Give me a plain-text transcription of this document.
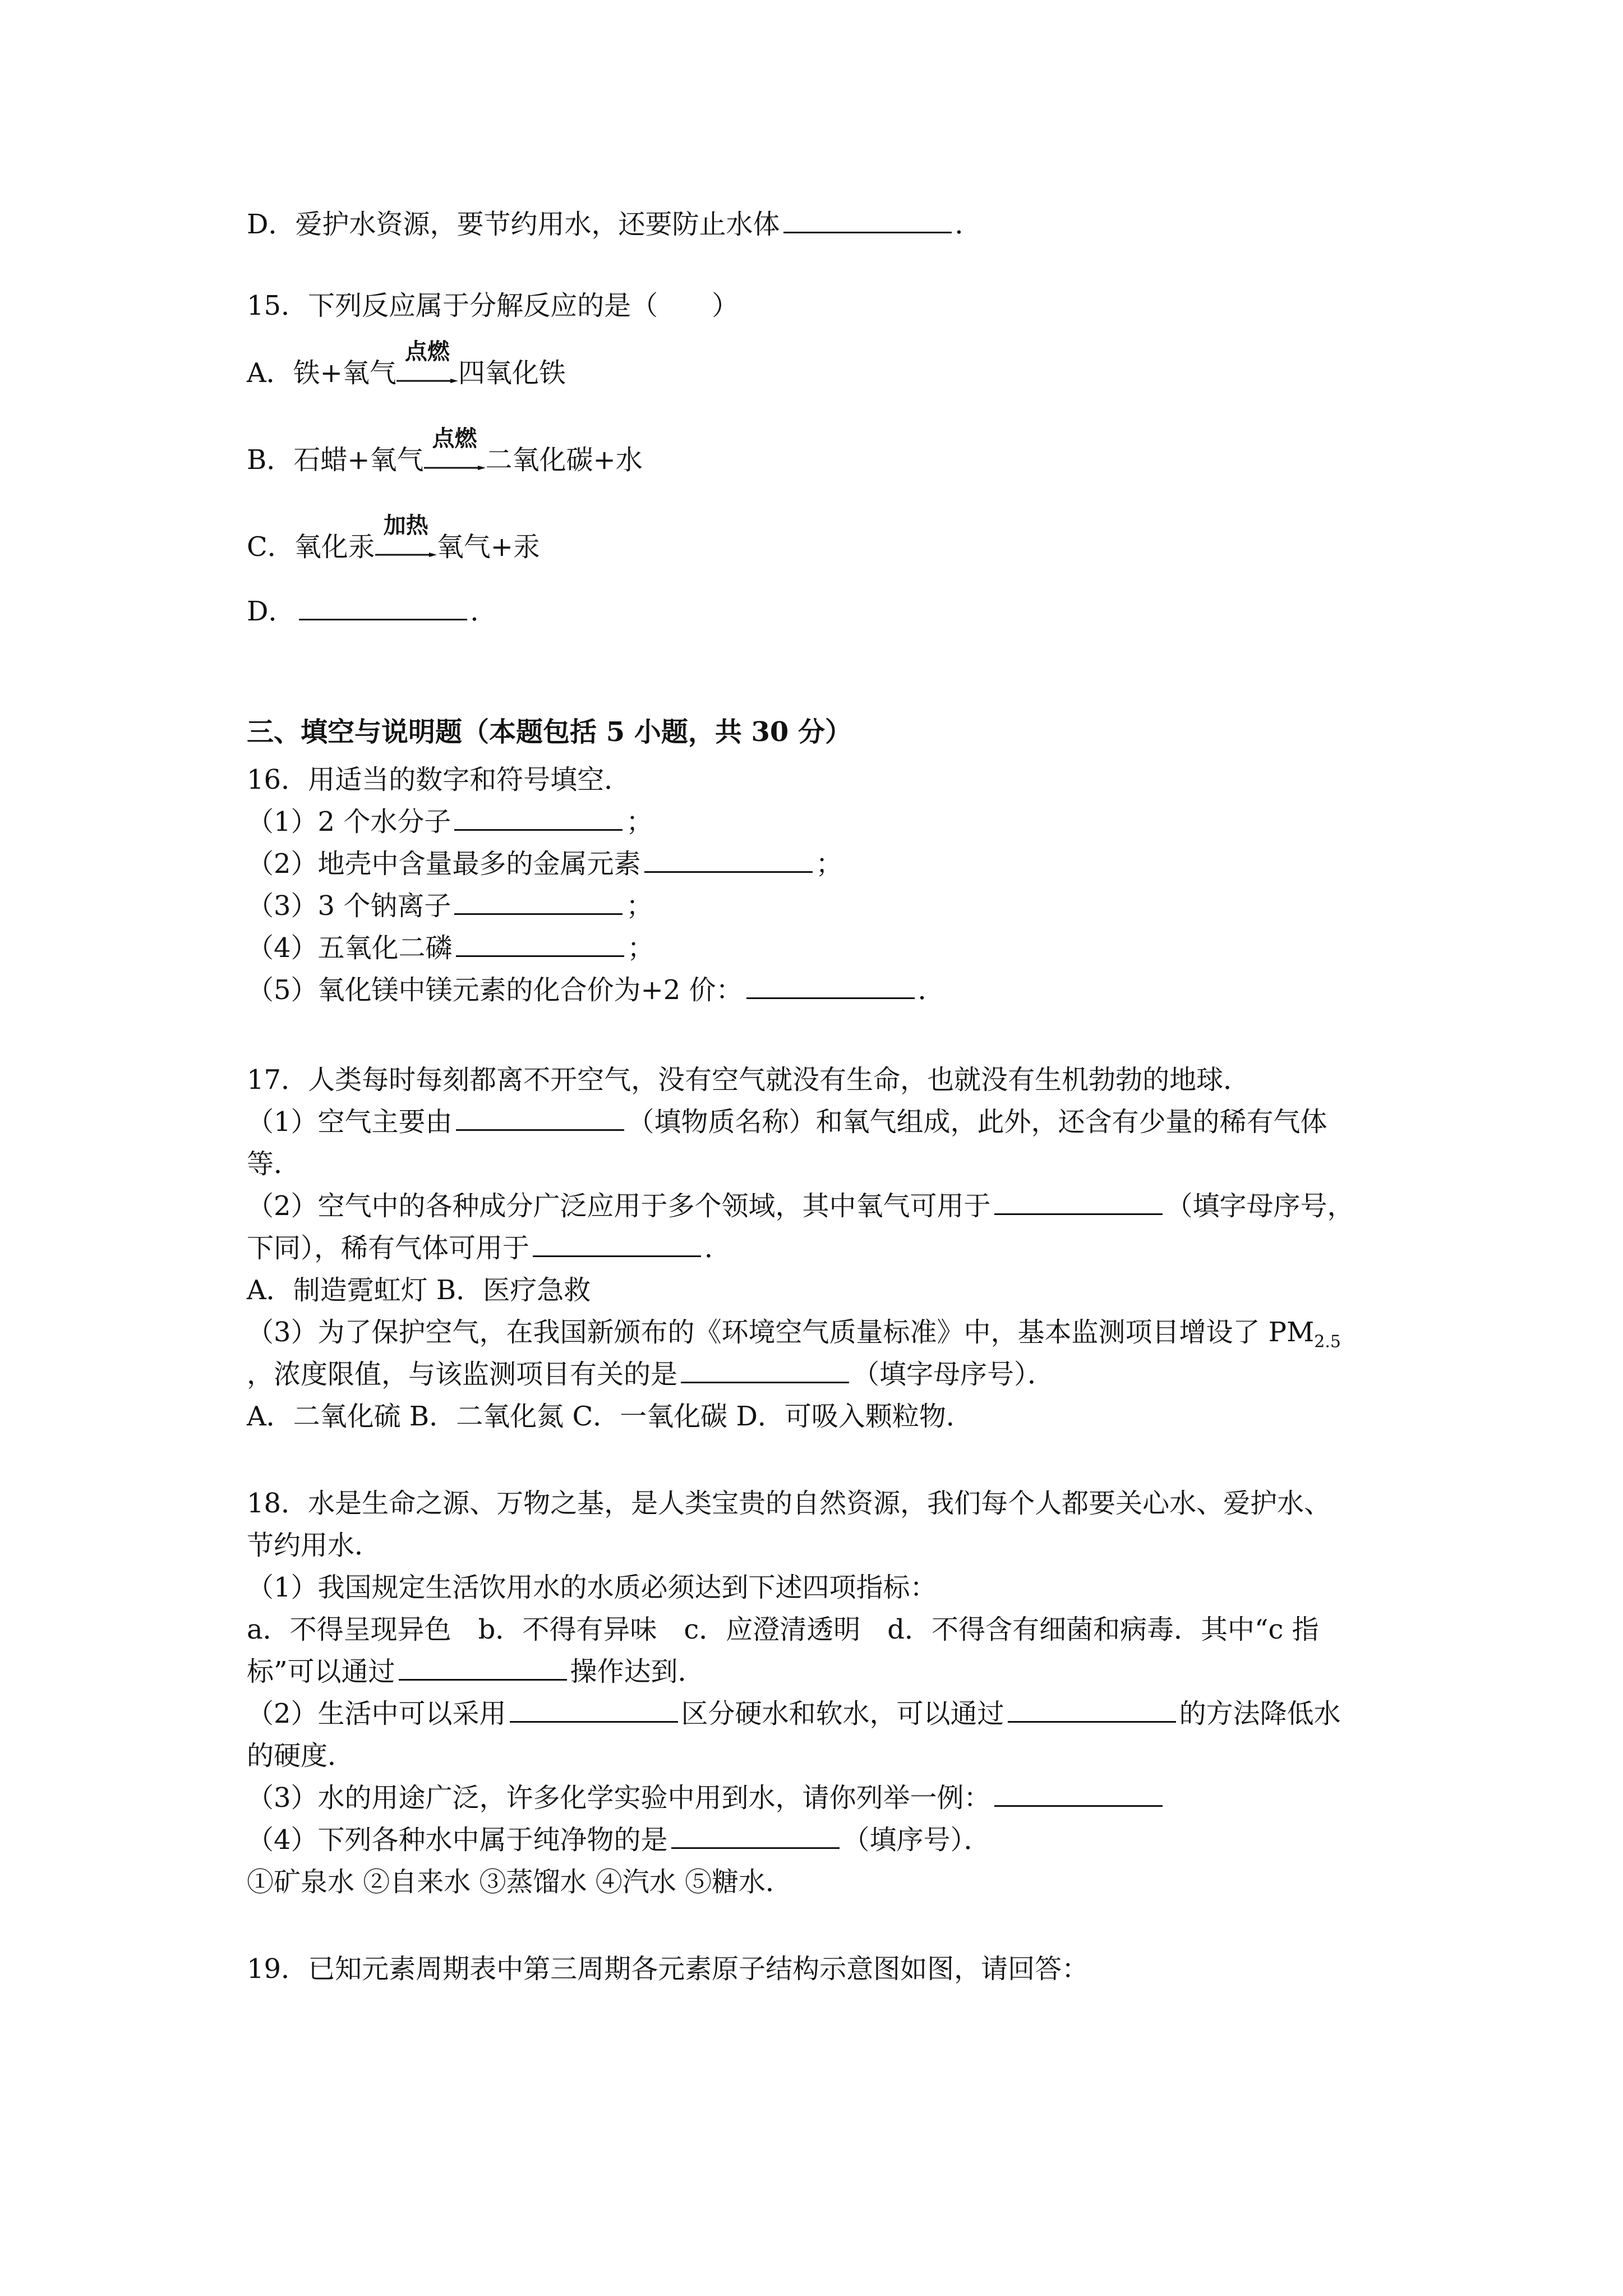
D．爱护水资源，要节约用水，还要防止水体	．
15．下列反应属于分解反应的是（　　）
A．铁+氧气
点燃
四氧化铁
B．石蜡+氧气
点燃
二氧化碳+水
C．氧化汞
加热
氧气+汞
D．	．
三、填空与说明题（本题包括 5 小题，共 30 分）
16．用适当的数字和符号填空．
（1）2 个水分子	；
（2）地壳中含量最多的金属元素	；
（3）3 个钠离子	；
（4）五氧化二磷	；
（5）氧化镁中镁元素的化合价为+2 价：	．
17．人类每时每刻都离不开空气，没有空气就没有生命，也就没有生机勃勃的地球．
（1）空气主要由	（填物质名称）和氧气组成，此外，还含有少量的稀有气体
等．
（2）空气中的各种成分广泛应用于多个领域，其中氧气可用于	（填字母序号，
下同），稀有气体可用于	．
A．制造霓虹灯 B．医疗急救
（3）为了保护空气，在我国新颁布的《环境空气质量标准》中，基本监测项目增设了 $PM_{2.5}$
，浓度限值，与该监测项目有关的是	（填字母序号）．
A．二氧化硫 B．二氧化氮 C．一氧化碳 D．可吸入颗粒物．
18．水是生命之源、万物之基，是人类宝贵的自然资源，我们每个人都要关心水、爱护水、
节约用水．
（1）我国规定生活饮用水的水质必须达到下述四项指标：
a．不得呈现异色　b．不得有异味　c．应澄清透明　d．不得含有细菌和病毒．其中“c 指
标”可以通过	操作达到．
（2）生活中可以采用	区分硬水和软水，可以通过	的方法降低水
的硬度．
（3）水的用途广泛，许多化学实验中用到水，请你列举一例：
（4）下列各种水中属于纯净物的是	（填序号）．
①矿泉水 ②自来水 ③蒸馏水 ④汽水 ⑤糖水．
19．已知元素周期表中第三周期各元素原子结构示意图如图，请回答：
